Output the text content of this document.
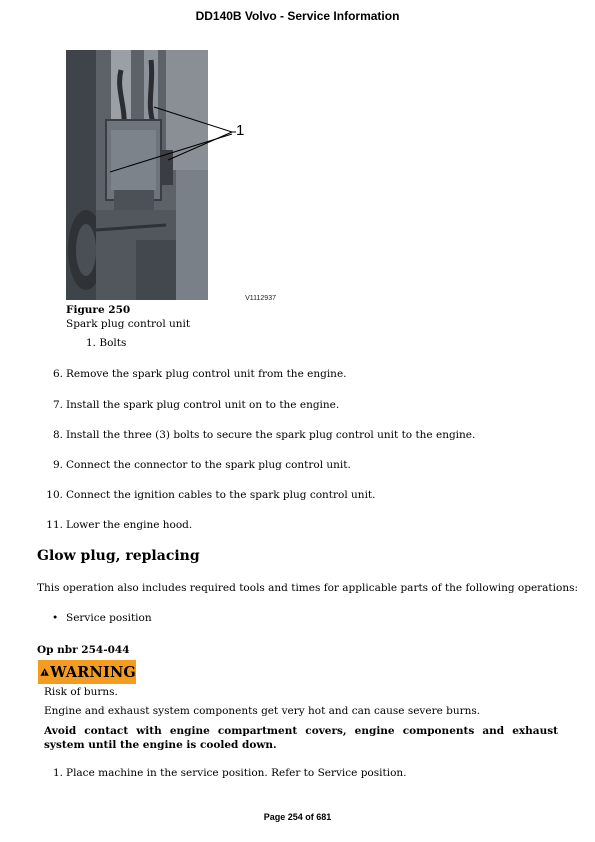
DD140B Volvo - Service Information
1
V1112937
Figure 250
Spark plug control unit
1. Bolts
6. Remove the spark plug control unit from the engine.
7. Install the spark plug control unit on to the engine.
8. Install the three (3) bolts to secure the spark plug control unit to the engine.
9. Connect the connector to the spark plug control unit.
10. Connect the ignition cables to the spark plug control unit.
11. Lower the engine hood.
Glow plug, replacing
This operation also includes required tools and times for applicable parts of the following operations:
• Service position
Op nbr 254-044
WARNING
Risk of burns.
Engine and exhaust system components get very hot and can cause severe burns.
Avoid contact with engine compartment covers, engine components and exhaust system until the engine is cooled down.
1. Place machine in the service position. Refer to Service position.
Page 254 of 681
